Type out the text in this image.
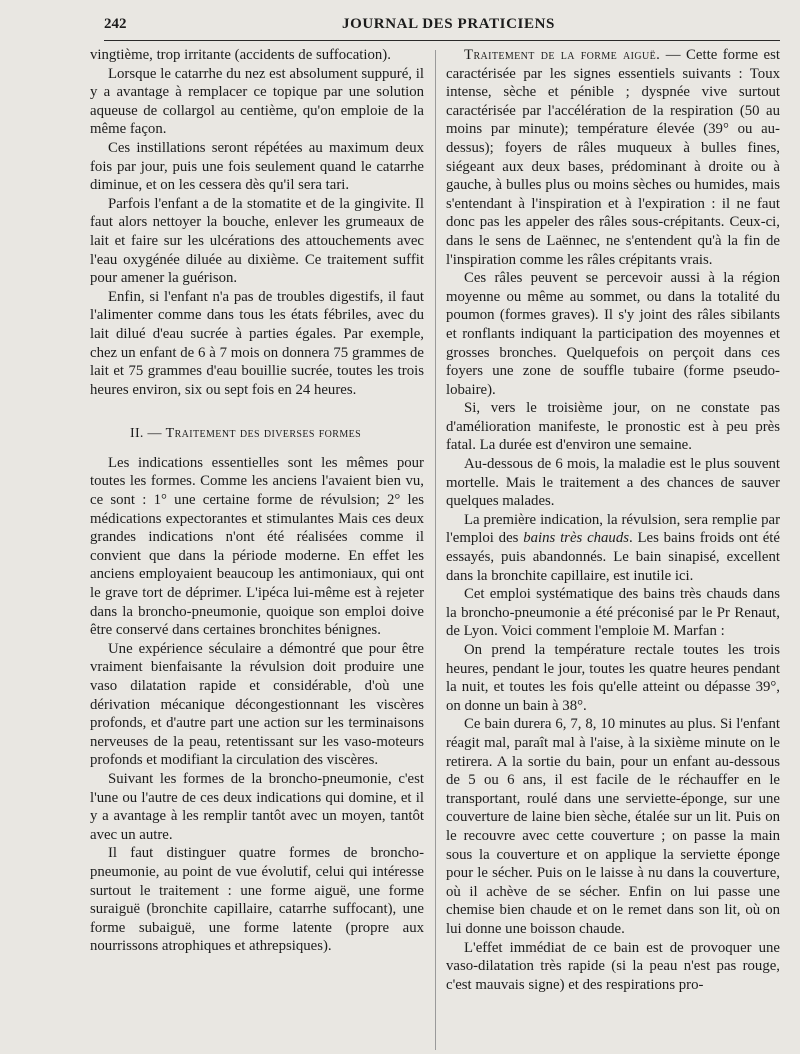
242	JOURNAL DES PRATICIENS

vingtième, trop irritante (accidents de suffocation).

Lorsque le catarrhe du nez est absolument suppuré, il y a avantage à remplacer ce topique par une solution aqueuse de collargol au centième, qu'on emploie de la même façon.

Ces instillations seront répétées au maximum deux fois par jour, puis une fois seulement quand le catarrhe diminue, et on les cessera dès qu'il sera tari.

Parfois l'enfant a de la stomatite et de la gingivite. Il faut alors nettoyer la bouche, enlever les grumeaux de lait et faire sur les ulcérations des attouchements avec l'eau oxygénée diluée au dixième. Ce traitement suffit pour amener la guérison.

Enfin, si l'enfant n'a pas de troubles digestifs, il faut l'alimenter comme dans tous les états fébriles, avec du lait dilué d'eau sucrée à parties égales. Par exemple, chez un enfant de 6 à 7 mois on donnera 75 grammes de lait et 75 grammes d'eau bouillie sucrée, toutes les trois heures environ, six ou sept fois en 24 heures.

II. — Traitement des diverses formes

Les indications essentielles sont les mêmes pour toutes les formes. Comme les anciens l'avaient bien vu, ce sont : 1° une certaine forme de révulsion; 2° les médications expectorantes et stimulantes Mais ces deux grandes indications n'ont été réalisées comme il convient que dans la période moderne. En effet les anciens employaient beaucoup les antimoniaux, qui ont le grave tort de déprimer. L'ipéca lui-même est à rejeter dans la broncho-pneumonie, quoique son emploi doive être conservé dans certaines bronchites bénignes.

Une expérience séculaire a démontré que pour être vraiment bienfaisante la révulsion doit produire une vaso dilatation rapide et considérable, d'où une dérivation mécanique décongestionnant les viscères profonds, et d'autre part une action sur les terminaisons nerveuses de la peau, retentissant sur les vaso-moteurs profonds et modifiant la circulation des viscères.

Suivant les formes de la broncho-pneumonie, c'est l'une ou l'autre de ces deux indications qui domine, et il y a avantage à les remplir tantôt avec un moyen, tantôt avec un autre.

Il faut distinguer quatre formes de broncho-pneumonie, au point de vue évolutif, celui qui intéresse surtout le traitement : une forme aiguë, une forme suraiguë (bronchite capillaire, catarrhe suffocant), une forme subaiguë, une forme latente (propre aux nourrissons atrophiques et athrepsiques).

Traitement de la forme aiguë. — Cette forme est caractérisée par les signes essentiels suivants : Toux intense, sèche et pénible ; dyspnée vive surtout caractérisée par l'accélération de la respiration (50 au moins par minute); température élevée (39° ou au-dessus); foyers de râles muqueux à bulles fines, siégeant aux deux bases, prédominant à droite ou à gauche, à bulles plus ou moins sèches ou humides, mais s'entendant à l'inspiration et à l'expiration : il ne faut donc pas les appeler des râles sous-crépitants. Ceux-ci, dans le sens de Laënnec, ne s'entendent qu'à la fin de l'inspiration comme les râles crépitants vrais.

Ces râles peuvent se percevoir aussi à la région moyenne ou même au sommet, ou dans la totalité du poumon (formes graves). Il s'y joint des râles sibilants et ronflants indiquant la participation des moyennes et grosses bronches. Quelquefois on perçoit dans ces foyers une zone de souffle tubaire (forme pseudo-lobaire).

Si, vers le troisième jour, on ne constate pas d'amélioration manifeste, le pronostic est à peu près fatal. La durée est d'environ une semaine.

Au-dessous de 6 mois, la maladie est le plus souvent mortelle. Mais le traitement a des chances de sauver quelques malades.

La première indication, la révulsion, sera remplie par l'emploi des bains très chauds. Les bains froids ont été essayés, puis abandonnés. Le bain sinapisé, excellent dans la bronchite capillaire, est inutile ici.

Cet emploi systématique des bains très chauds dans la broncho-pneumonie a été préconisé par le Pr Renaut, de Lyon. Voici comment l'emploie M. Marfan :

On prend la température rectale toutes les trois heures, pendant le jour, toutes les quatre heures pendant la nuit, et toutes les fois qu'elle atteint ou dépasse 39°, on donne un bain à 38°.

Ce bain durera 6, 7, 8, 10 minutes au plus. Si l'enfant réagit mal, paraît mal à l'aise, à la sixième minute on le retirera. A la sortie du bain, pour un enfant au-dessous de 5 ou 6 ans, il est facile de le réchauffer en le transportant, roulé dans une serviette-éponge, sur une couverture de laine bien sèche, étalée sur un lit. Puis on le recouvre avec cette couverture ; on passe la main sous la couverture et on applique la serviette éponge pour le sécher. Puis on le laisse à nu dans la couverture, où il achève de se sécher. Enfin on lui passe une chemise bien chaude et on le remet dans son lit, où on lui donne une boisson chaude.

L'effet immédiat de ce bain est de provoquer une vaso-dilatation très rapide (si la peau n'est pas rouge, c'est mauvais signe) et des respirations pro-
